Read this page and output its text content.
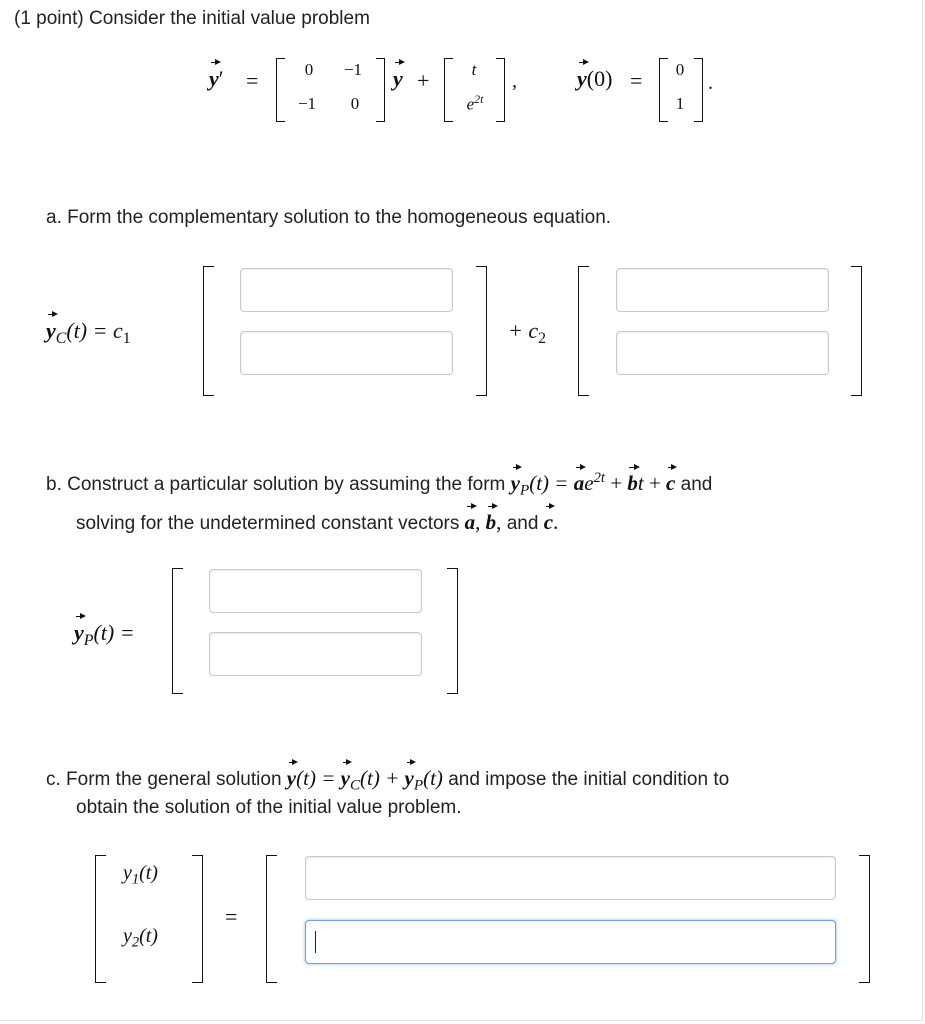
(1 point) Consider the initial value problem
y′ =	0	−1
−1	0
y +	t
$e^{2t}$
,	y(0) =	0
1
.
a. Form the complementary solution to the homogeneous equation.
$y_C(t) = c_1$	+ $c_2$
b. Construct a particular solution by assuming the form $y_P(t) = ae^{2t}$ + bt + c and
solving for the undetermined constant vectors a, b, and c.
$y_P(t)$ =
c. Form the general solution $y(t) = y_C(t) + y_P(t)$ and impose the initial condition to
obtain the solution of the initial value problem.
$y_1(t)$
$y_2(t)$
=
